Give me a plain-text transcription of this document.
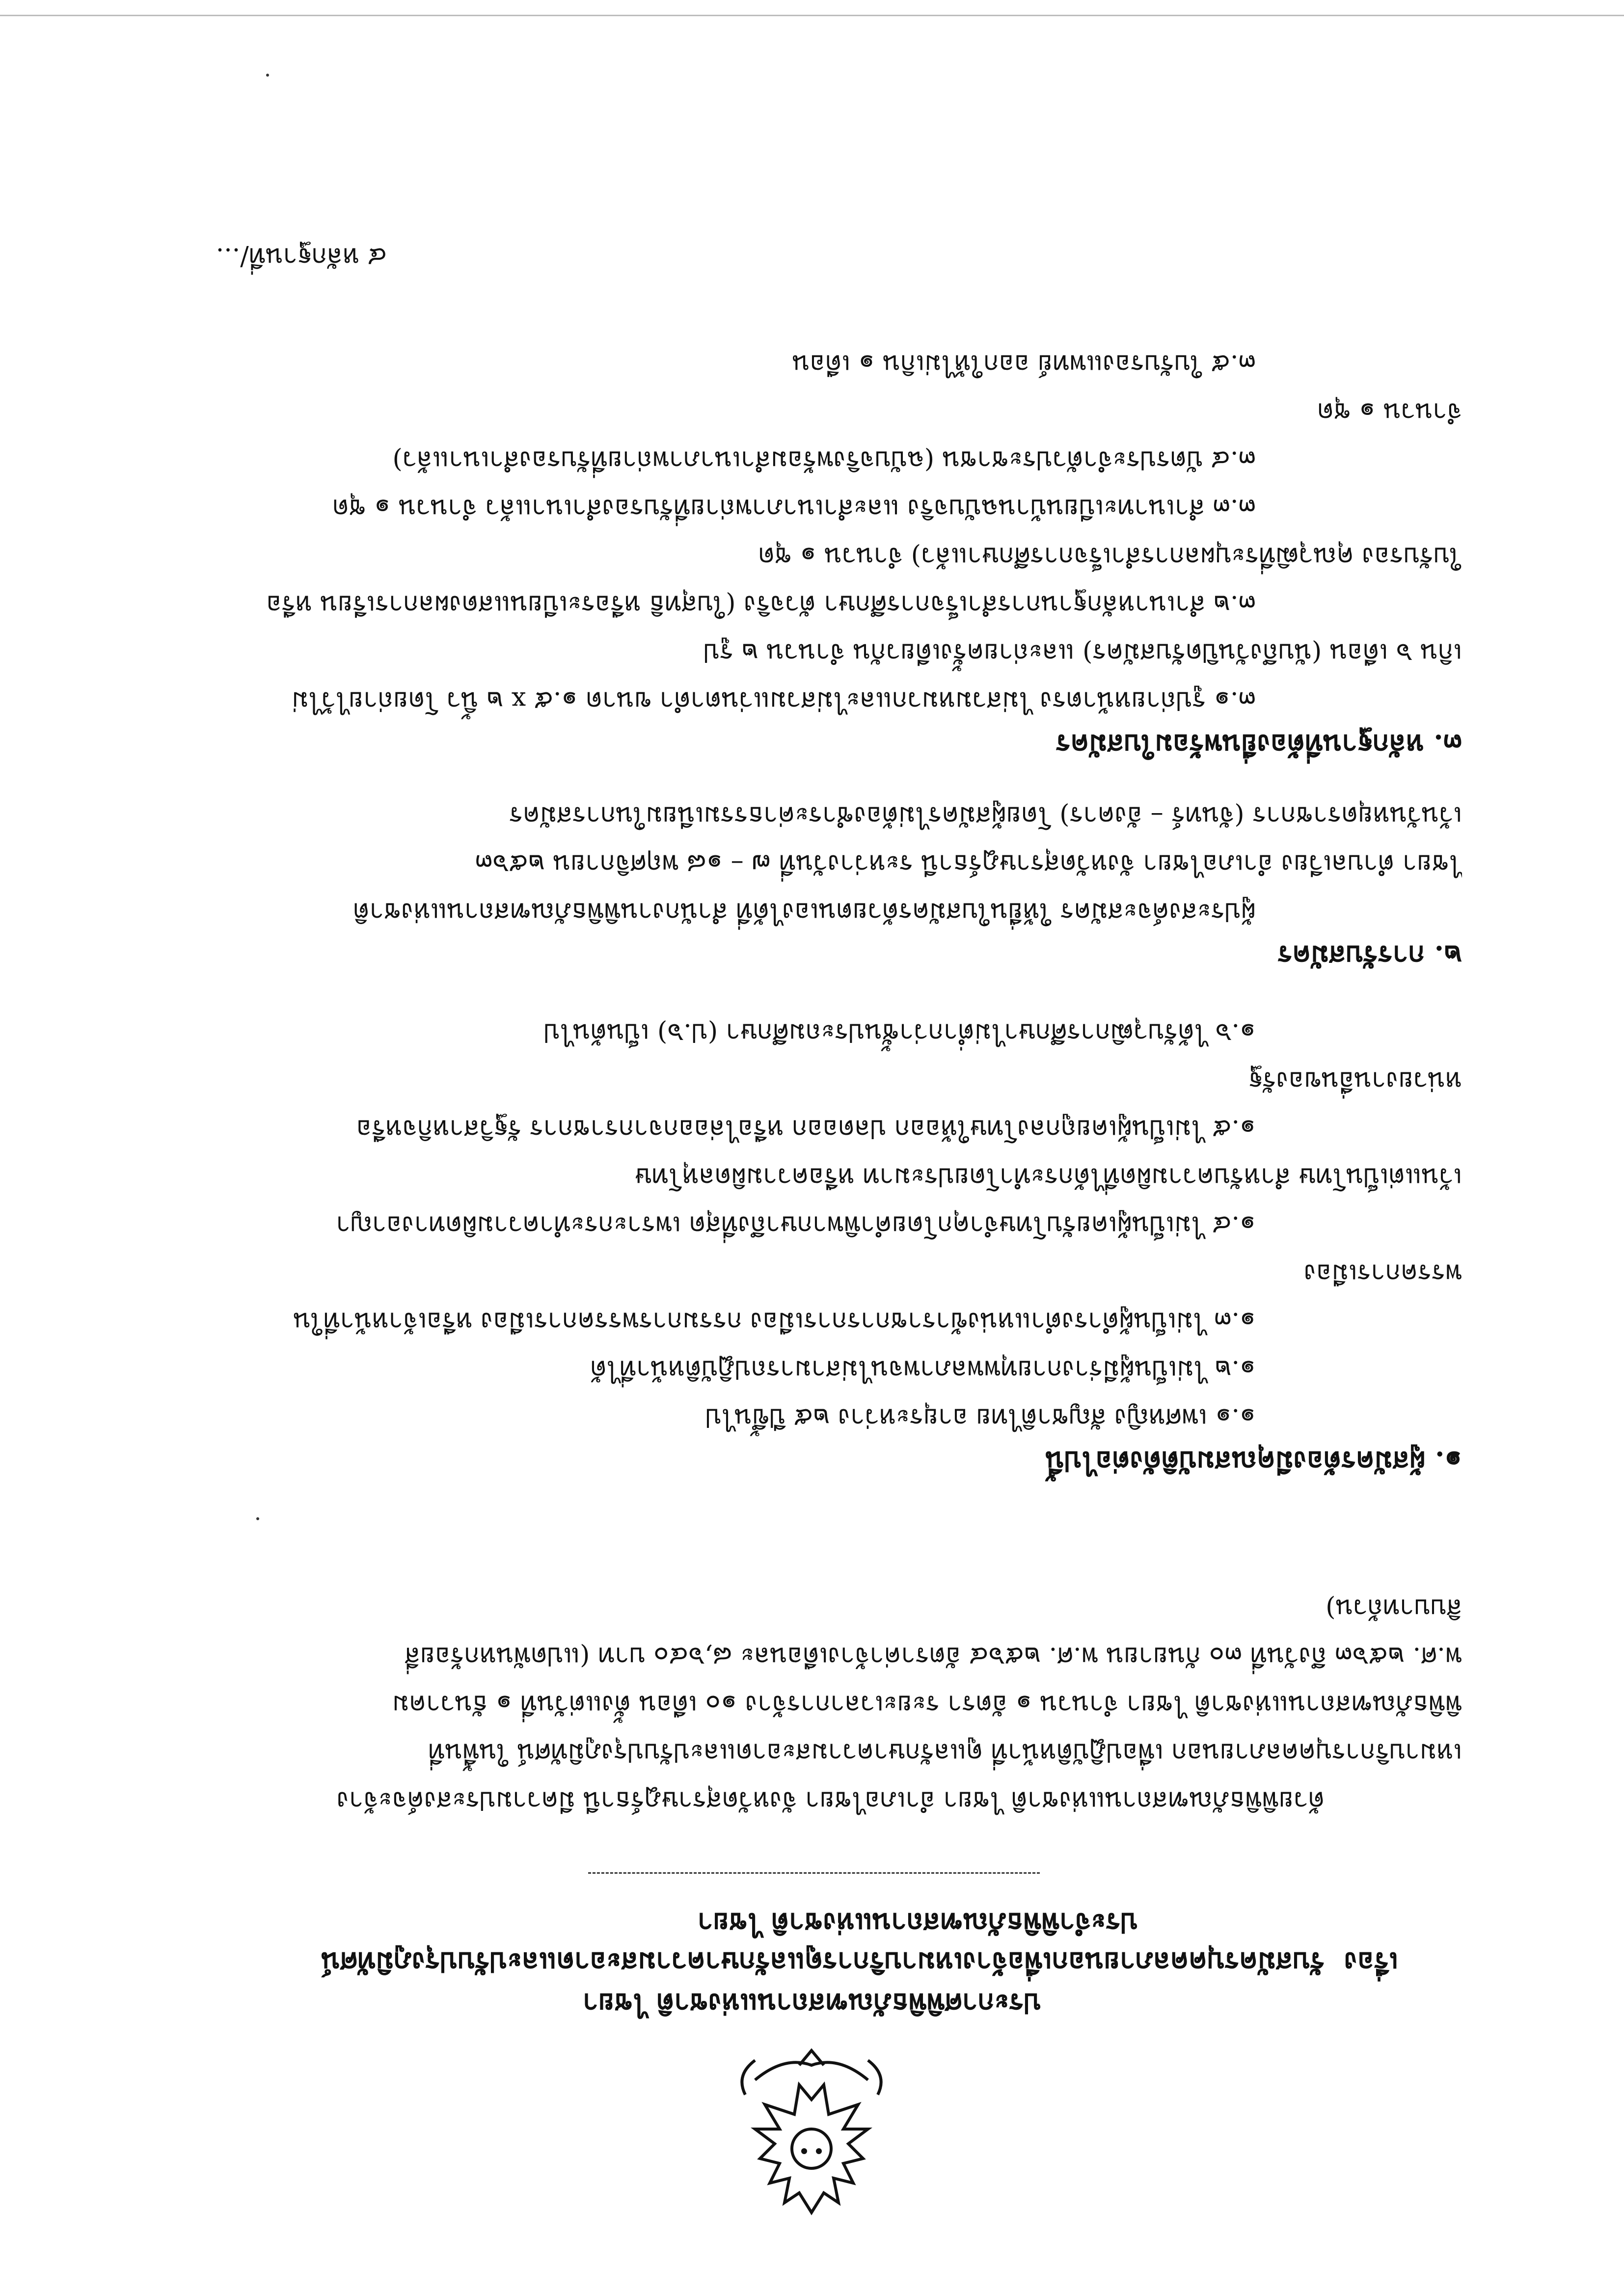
ประกาศพิพิธภัณฑสถานแห่งชาติ ไชยา
เรื่อง รับสมัครบุคคลภายนอกเพื่อจ้างเหมาบริการดูแลรักษาความสะอาดและปรับปรุงภูมิทัศน์
ประจำพิพิธภัณฑสถานแห่งชาติ ไชยา
ด้วยพิพิธภัณฑสถานแห่งชาติ ไชยา อำเภอไชยา จังหวัดสุราษฎร์ธานี มีความประสงค์จะจ้าง
เหมาบริการบุคคลภายนอก เพื่อปฏิบัติหน้าที่ ดูแลรักษาความสะอาดและปรับปรุงภูมิทัศน์ ในพื้นที่
พิพิธภัณฑสถานแห่งชาติ ไชยา จำนวน ๑ อัตรา ระยะเวลาการจ้าง ๑๐ เดือน ตั้งแต่วันที่ ๑ ธันวาคม
พ.ศ. ๒๕๖๓ ถึงวันที่ ๓๐ กันยายน พ.ศ. ๒๕๖๔ อัตราค่าจ้างเดือนละ ๘,๖๔๐ บาท (แปดพันหกร้อยสี่
สิบบาทถ้วน)
๑. ผู้สมัครต้องมีคุณสมบัติดังต่อไปนี้
๑.๑ เพศหญิง สัญชาติไทย อายุระหว่าง ๒๕ ปีขึ้นไป
๑.๒ ไม่เป็นผู้มีร่างกายทุพพลภาพจนไม่สามารถปฏิบัติหน้าที่ได้
๑.๓ ไม่เป็นผู้ดำรงตำแหน่งข้าราชการการเมือง กรรมการพรรคการเมือง หรือเจ้าหน้าที่ใน
พรรคการเมือง
๑.๔ ไม่เป็นผู้เคยรับโทษจำคุกโดยคำพิพากษาถึงที่สุด เพราะกระทำความผิดทางอาญา
เว้นแต่เป็นโทษ สำหรับความผิดที่ได้กระทำโดยประมาท หรือความผิดลหุโทษ
๑.๕ ไม่เป็นผู้เคยถูกลงโทษให้ออก ปลดออก หรือไล่ออกจากราชการ รัฐวิสาหกิจหรือ
หน่วยงานอื่นของรัฐ
๑.๖ ได้รับวุฒิการศึกษาไม่ต่ำกว่าชั้นประถมศึกษา (ป.๖) เป็นต้นไป
๒. การรับสมัคร
ผู้ประสงค์จะสมัคร ให้ยื่นใบสมัครด้วยตนเองได้ที่ สำนักงานพิพิธภัณฑสถานแห่งชาติ
ไชยา ตำบลเวียง อำเภอไชยา จังหวัดสุราษฎร์ธานี ระหว่างวันที่ ๗ – ๑๘ พฤศจิกายน ๒๕๖๓
เว้นวันหยุดราชการ (จันทร์ – อังคาร) โดยผู้สมัครไม่ต้องชำระค่าธรรมเนียมในการสมัคร
๓. หลักฐานที่ต้องยื่นพร้อมใบสมัคร
๓.๑ รูปถ่ายหน้าตรง ไม่สวมหมวกและไม่สวมแว่นตาดำ ขนาด ๑.๕ x ๒ นิ้ว โดยถ่ายไว้ไม่
เกิน ๖ เดือน (นับถึงวันปิดรับสมัคร) และถ่ายครั้งเดียวกัน จำนวน ๒ รูป
๓.๒ สำเนาหลักฐานการสำเร็จการศึกษา ตัวจริง (ใบสุทธิ หรือระเบียนแสดงผลการเรียน หรือ
ใบรับรอง คุณวุฒิที่ระบุผลการสำเร็จการศึกษาแล้ว) จำนวน ๑ ชุด
๓.๓ สำเนาทะเบียนบ้านฉบับจริง และสำเนาภาพถ่ายที่รับรองสำเนาแล้ว จำนวน ๑ ชุด
๓.๔ บัตรประจำตัวประชาชน (ฉบับจริงพร้อมสำเนาภาพถ่ายที่รับรองสำเนาแล้ว)
จำนวน ๑ ชุด
๓.๕ ใบรับรองแพทย์ ออกให้ไม่เกิน ๑ เดือน
๔ หลักฐานที่/...
